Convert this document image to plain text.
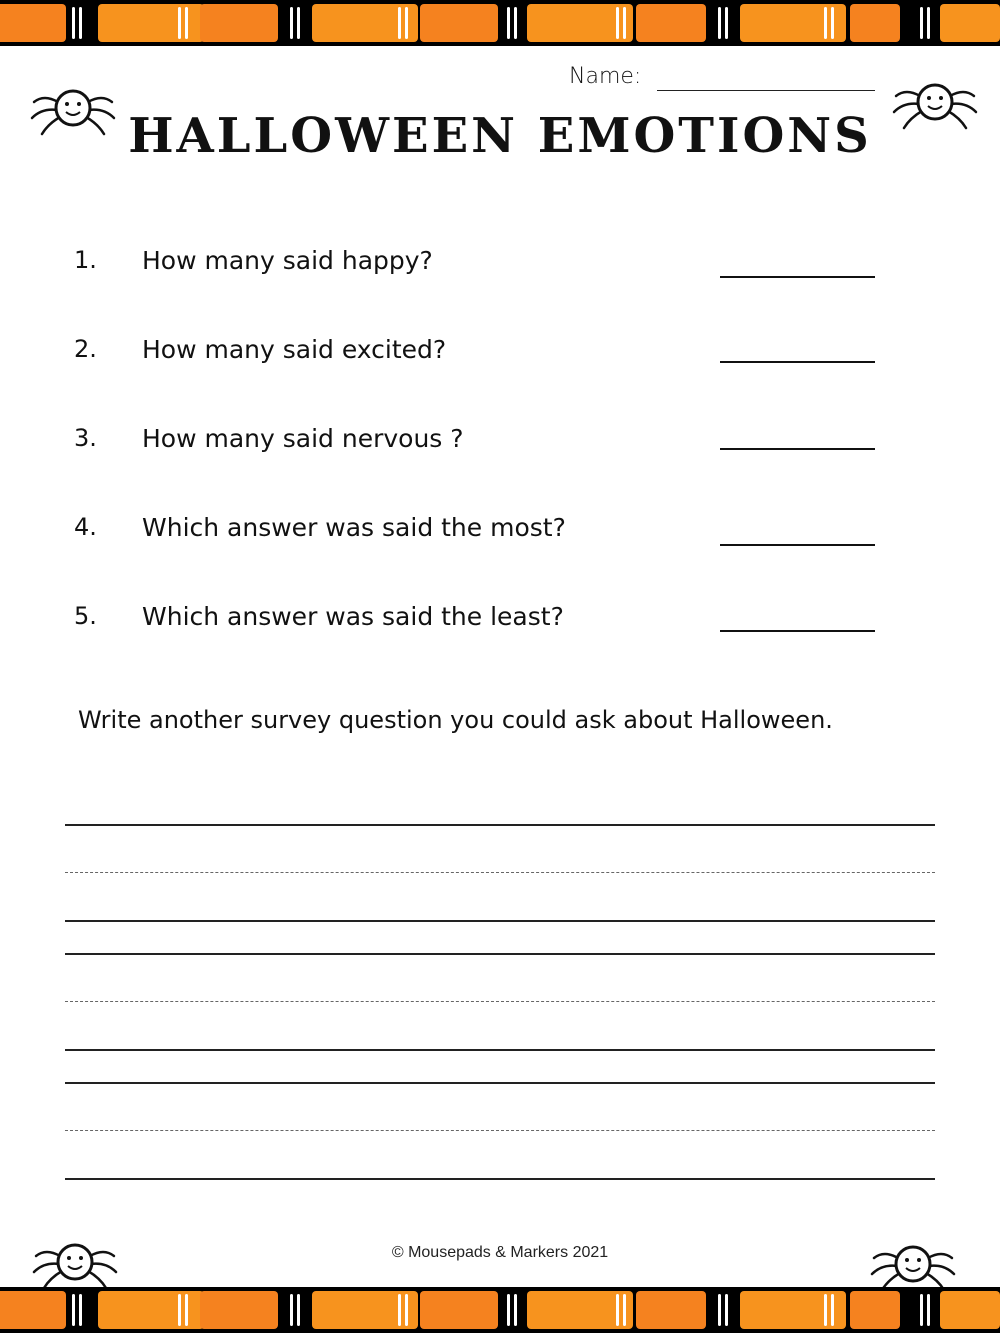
Name:
HALLOWEEN EMOTIONS
1. How many said happy?
2. How many said excited?
3. How many said nervous ?
4. Which answer was said the most?
5. Which answer was said the least?
Write another survey question you could ask about Halloween.
© Mousepads & Markers 2021
